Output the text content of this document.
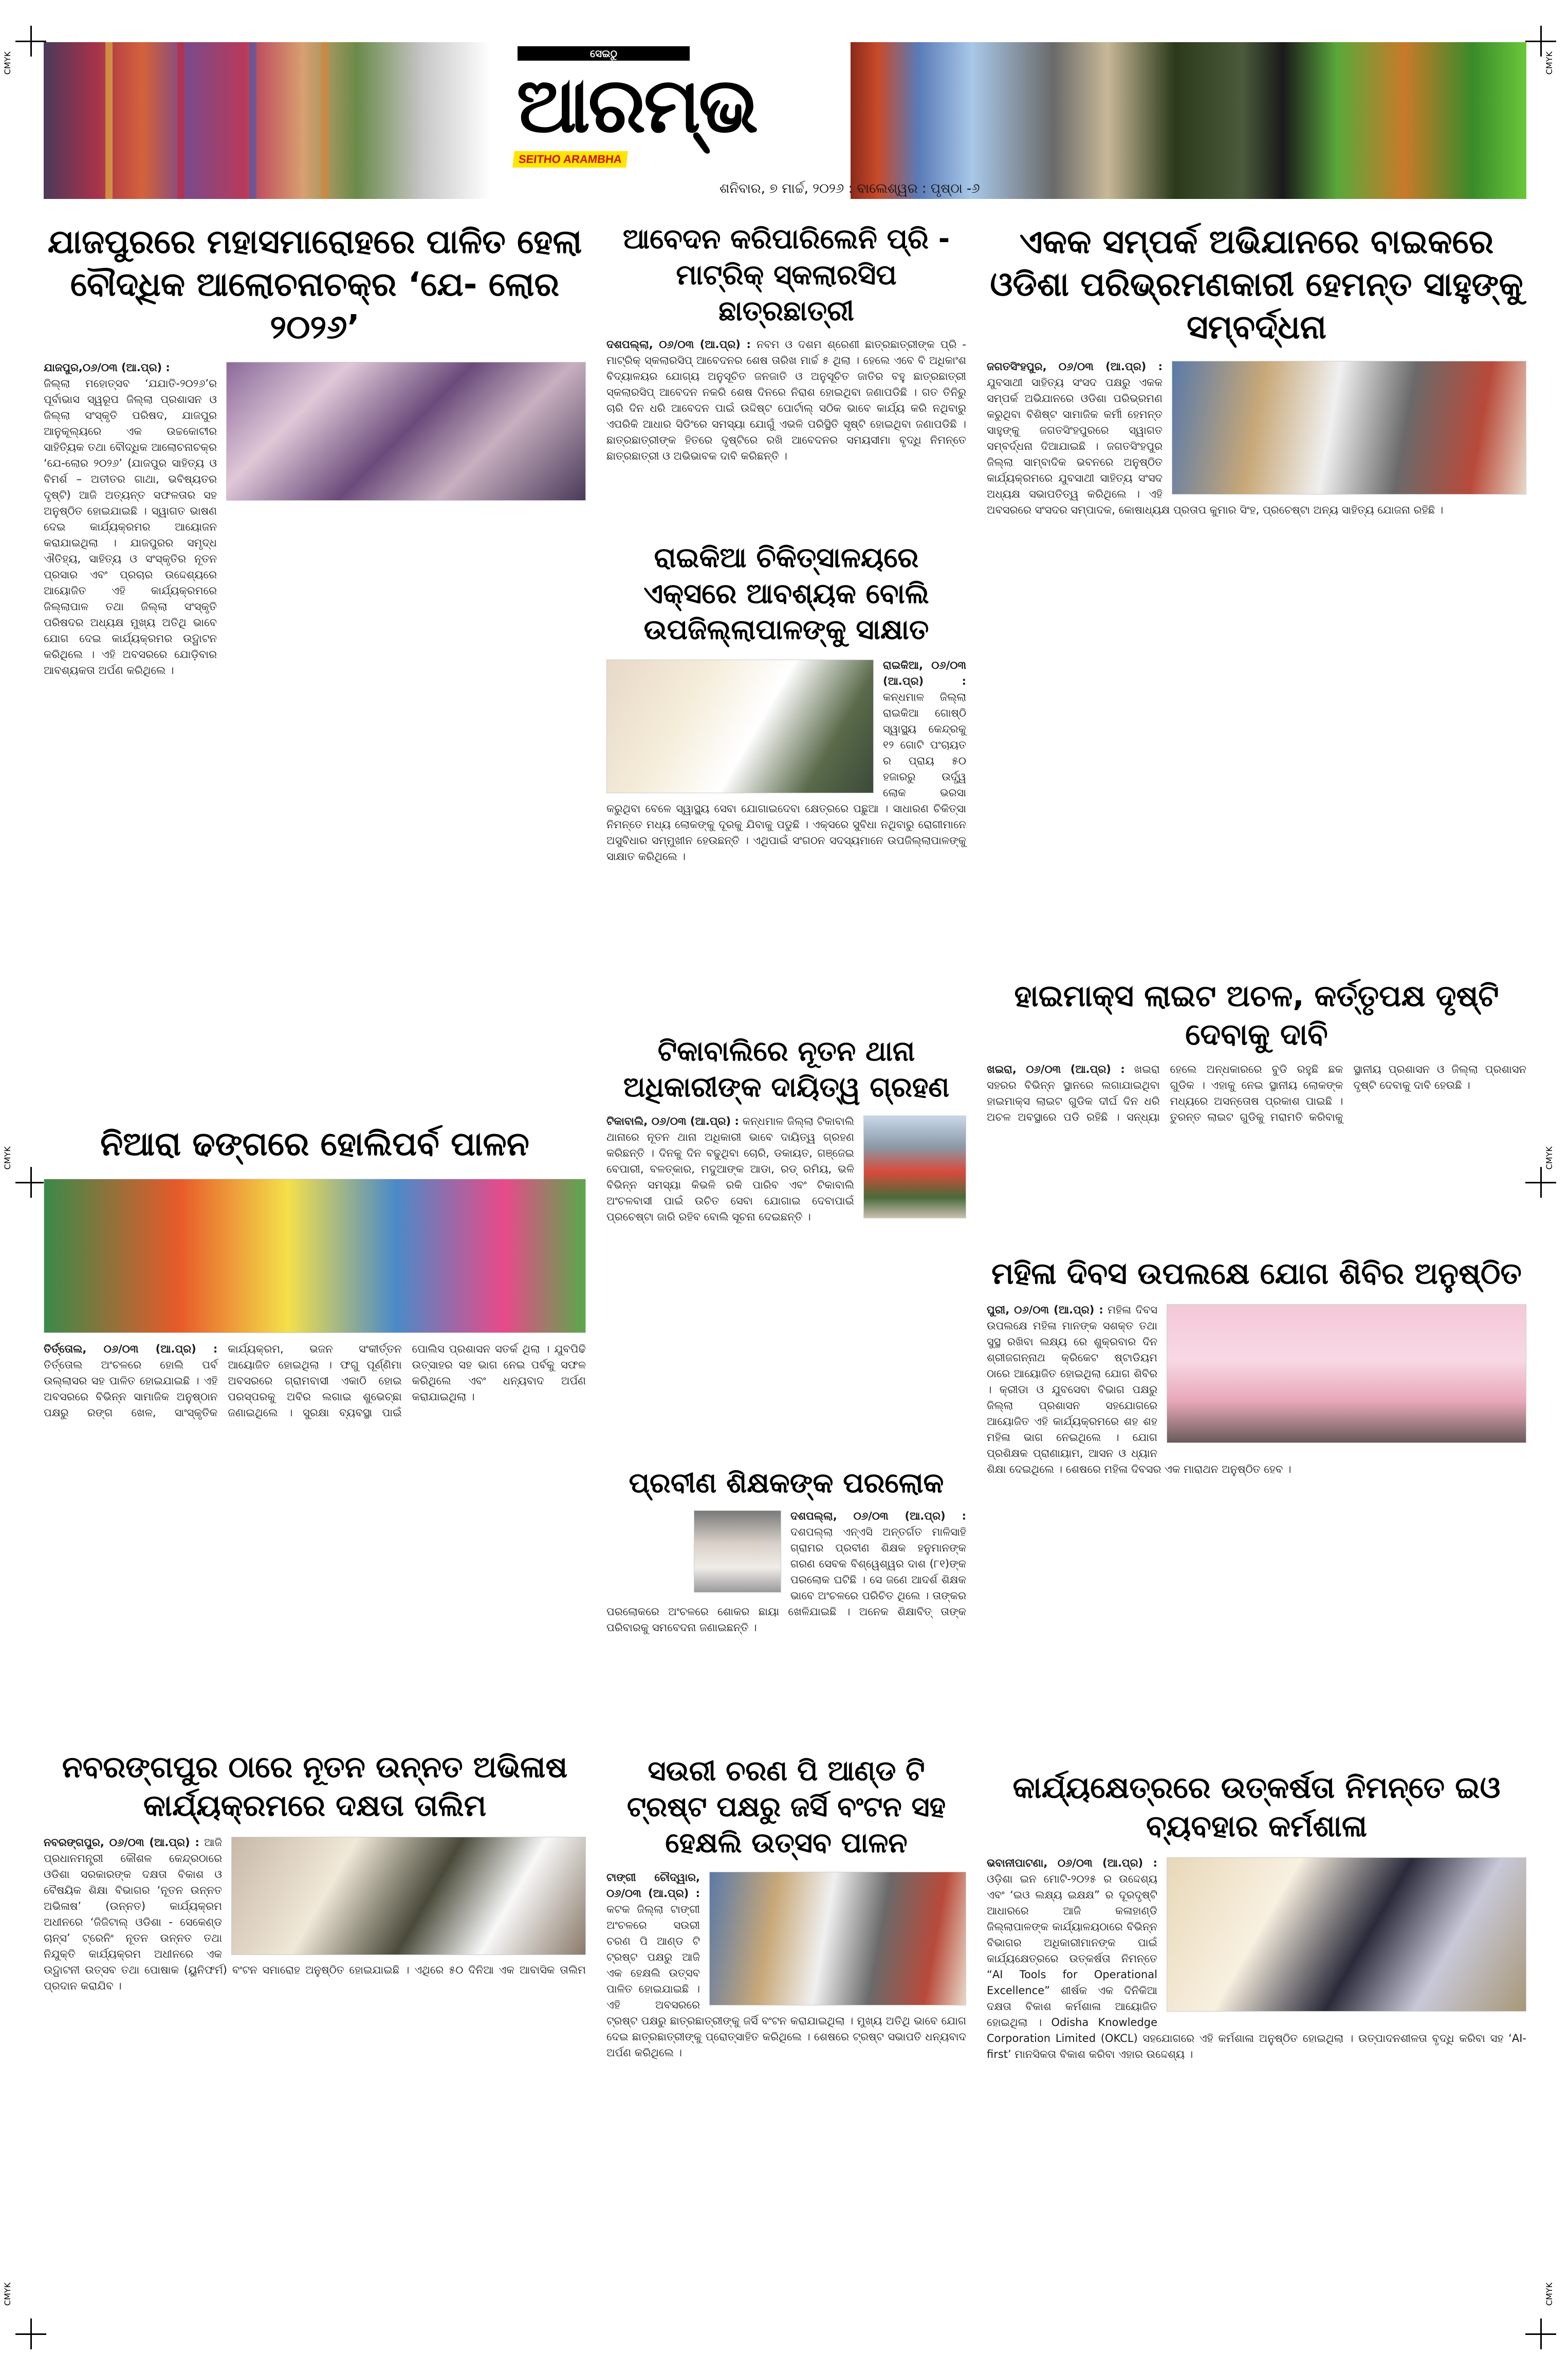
CMYK	CMYK
CMYK	CMYK
CMYK	CMYK
ସେଇଠୁ
ଆରମ୍ଭ
SEITHO ARAMBHA
ଶନିବାର, ୭ ମାର୍ଚ୍ଚ, ୨୦୨୬ : ବାଲେଶ୍ୱର : ପୃଷ୍ଠା -୬
ଯାଜପୁରରେ ମହାସମାରୋହରେ ପାଳିତ ହେଲା ବୌଦ୍ଧିକ ଆଲୋଚନାଚକ୍ର ‘ଯେ- ଲୋର ୨୦୨୬’

ଯାଜପୁର,୦୬/୦୩ (ଆ.ପ୍ର) :

ଜିଲ୍ଲା ମହୋତ୍ସବ ‘ଯଯାତି-୨୦୨୬’ର ପୂର୍ବାଭାସ ସ୍ୱରୂପ ଜିଲ୍ଲା ପ୍ରଶାସନ ଓ ଜିଲ୍ଲା ସଂସ୍କୃତି ପରିଷଦ, ଯାଜପୁର ଆନୁକୂଲ୍ୟରେ ଏକ ଉଚ୍ଚକୋଟୀର ସାହିତ୍ୟିକ ତଥା ବୌଦ୍ଧିକ ଆଲୋଚନାଚକ୍ର ‘ଯେ-ଲୋର ୨୦୨୬’ (ଯାଜପୁର ସାହିତ୍ୟ ଓ ବିମର୍ଶ – ଅତୀତର ଗାଥା, ଭବିଷ୍ୟତର ଦୃଷ୍ଟି) ଆଜି ଅତ୍ୟନ୍ତ ସଫଳତାର ସହ ଅନୁଷ୍ଠିତ ହୋଇଯାଇଛି । ସ୍ୱାଗତ ଭାଷଣ ଦେଇ କାର୍ଯ୍ୟକ୍ରମର ଆୟୋଜନ କରାଯାଇଥିଲା । ଯାଜପୁରର ସମୃଦ୍ଧ ଐତିହ୍ୟ, ସାହିତ୍ୟ ଓ ସଂସ୍କୃତିର ନୂତନ ପ୍ରସାର ଏବଂ ପ୍ରଚାର ଉଦ୍ଦେଶ୍ୟରେ ଆୟୋଜିତ ଏହି କାର୍ଯ୍ୟକ୍ରମରେ ଜିଲ୍ଲାପାଳ ତଥା ଜିଲ୍ଲା ସଂସ୍କୃତି ପରିଷଦର ଅଧ୍ୟକ୍ଷ ମୁଖ୍ୟ ଅତିଥି ଭାବେ ଯୋଗ ଦେଇ କାର୍ଯ୍ୟକ୍ରମର ଉଦ୍ଘାଟନ କରିଥିଲେ । ଏହି ଅବସରରେ ଯୋଡ଼ିବାର ଆବଶ୍ୟକତା ଅର୍ପଣ କରିଥିଲେ ।

ନିଆରା ଢଙ୍ଗରେ ହୋଲିପର୍ବ ପାଳନ

ତିର୍ତ୍ତୋଲ, ୦୬/୦୩ (ଆ.ପ୍ର) : ତିର୍ତ୍ତୋଲ ଅଂଚଳରେ ହୋଲି ପର୍ବ ଉଲ୍ଲାସର ସହ ପାଳିତ ହୋଇଯାଇଛି । ଏହି ଅବସରରେ ବିଭିନ୍ନ ସାମାଜିକ ଅନୁଷ୍ଠାନ ପକ୍ଷରୁ ରଙ୍ଗ ଖେଳ, ସାଂସ୍କୃତିକ କାର୍ଯ୍ୟକ୍ରମ, ଭଜନ ସଂକୀର୍ତ୍ତନ ଆୟୋଜିତ ହୋଇଥିଲା । ଫଗୁ ପୂର୍ଣ୍ଣିମା ଅବସରରେ ଗ୍ରାମବାସୀ ଏକାଠି ହୋଇ ପରସ୍ପରକୁ ଅବିର ଲଗାଇ ଶୁଭେଚ୍ଛା ଜଣାଇଥିଲେ । ସୁରକ୍ଷା ବ୍ୟବସ୍ଥା ପାଇଁ ପୋଲିସ ପ୍ରଶାସନ ସତର୍କ ଥିଲା । ଯୁବପିଢି ଉତ୍ସାହର ସହ ଭାଗ ନେଇ ପର୍ବକୁ ସଫଳ କରିଥିଲେ ଏବଂ ଧନ୍ୟବାଦ ଅର୍ପଣ କରାଯାଇଥିଲା ।

ନବରଙ୍ଗପୁର ଠାରେ ନୂତନ ଉନ୍ନତ ଅଭିଳାଷ କାର୍ଯ୍ୟକ୍ରମରେ ଦକ୍ଷତା ତାଲିମ

ନବରଙ୍ଗପୁର, ୦୬/୦୩ (ଆ.ପ୍ର) : ଆଜି ପ୍ରଧାନମନ୍ତ୍ରୀ କୌଶଳ କେନ୍ଦ୍ରଠାରେ ଓଡିଶା ସରକାରଙ୍କ ଦକ୍ଷତା ବିକାଶ ଓ ବୈଷୟିକ ଶିକ୍ଷା ବିଭାଗର ‘ନୂତନ ଉନ୍ନତ ଅଭିଳାଷ’ (ଉନ୍ନତ) କାର୍ଯ୍ୟକ୍ରମ ଅଧୀନରେ ‘ଜିଜିଟାଲ୍ ଓଡିଶା - ସେକେଣ୍ଡ ଚାନ୍ସ’ ଟ୍ରେନିଂ ନୂତନ ଉନ୍ନତ ତଥା ନିଯୁକ୍ତି କାର୍ଯ୍ୟକ୍ରମ ଅଧୀନରେ ଏକ ଉଦ୍ଘାଟନୀ ଉତ୍ସବ ତଥା ପୋଷାକ (ୟୁନିଫର୍ମ) ବଂଟନ ସମାରୋହ ଅନୁଷ୍ଠିତ ହୋଇଯାଇଛି । ଏଥିରେ ୫୦ ଦିନିଆ ଏକ ଆବାସିକ ତାଲିମ ପ୍ରଦାନ କରାଯିବ ।

ଆବେଦନ କରିପାରିଲେନି ପ୍ରି - ମାଟ୍ରିକ୍ ସ୍କଲାରସିପ ଛାତ୍ରଛାତ୍ରୀ

ଦଶପଲ୍ଲା, ୦୬/୦୩ (ଆ.ପ୍ର) : ନବମ ଓ ଦଶମ ଶ୍ରେଣୀ ଛାତ୍ରଛାତ୍ରୀଙ୍କ ପ୍ରି - ମାଟ୍ରିକ୍ ସ୍କଲାରସିପ୍ ଆବେଦନର ଶେଷ ତାରିଖ ମାର୍ଚ୍ଚ ୫ ଥିଲା । ହେଲେ ଏବେ ବି ଅଧିକାଂଶ ବିଦ୍ୟାଳୟର ଯୋଗ୍ୟ ଅନୁସୂଚିତ ଜନଜାତି ଓ ଅନୁସୂଚିତ ଜାତିର ବହୁ ଛାତ୍ରଛାତ୍ରୀ ସ୍କଲାରସିପ୍ ଆବେଦନ ନକରି ଶେଷ ଦିନରେ ନିରାଶ ହୋଇଥିବା ଜଣାପଡିଛି । ଗତ ତିନିରୁ ଚାରି ଦିନ ଧରି ଆବେଦନ ପାଇଁ ଉଦ୍ଦିଷ୍ଟ ପୋର୍ଟାଲ୍ ସଠିକ ଭାବେ କାର୍ଯ୍ୟ କରି ନଥିବାରୁ ଏପରିକି ଆଧାର ସିଡିଂରେ ସମସ୍ୟା ଯୋଗୁଁ ଏଭଳି ପରିସ୍ଥିତି ସୃଷ୍ଟି ହୋଇଥିବା ଜଣାପଡିଛି । ଛାତ୍ରଛାତ୍ରୀଙ୍କ ହିତରେ ଦୃଷ୍ଟିରେ ରଖି ଆବେଦନର ସମୟସୀମା ବୃଦ୍ଧି ନିମନ୍ତେ ଛାତ୍ରଛାତ୍ରୀ ଓ ଅଭିଭାବକ ଦାବି କରିଛନ୍ତି ।

ରାଇକିଆ ଚିକିତ୍ସାଳୟରେ ଏକ୍ସରେ ଆବଶ୍ୟକ ବୋଲି ଉପଜିଲ୍ଲାପାଳଙ୍କୁ ସାକ୍ଷାତ

ରାଇକିଆ, ୦୬/୦୩ (ଆ.ପ୍ର) : କନ୍ଧମାଳ ଜିଲ୍ଲା ରାଇକିଆ ଗୋଷ୍ଠି ସ୍ୱାସ୍ଥ୍ୟ କେନ୍ଦ୍ରକୁ ୧୨ ଗୋଟି ପଂଚାୟତ ର ପ୍ରାୟ ୫୦ ହଜାରରୁ ଉର୍ଦ୍ଧ୍ୱ ଲୋକ ଭରସା କରୁଥିବା ବେଳେ ସ୍ୱାସ୍ଥ୍ୟ ସେବା ଯୋଗାଇଦେବା କ୍ଷେତ୍ରରେ ପଛୁଆ । ସାଧାରଣ ଚିକିତ୍ସା ନିମନ୍ତେ ମଧ୍ୟ ଲୋକଙ୍କୁ ଦୂରକୁ ଯିବାକୁ ପଡୁଛି । ଏକ୍ସରେ ସୁବିଧା ନଥିବାରୁ ରୋଗୀମାନେ ଅସୁବିଧାର ସମ୍ମୁଖୀନ ହେଉଛନ୍ତି । ଏଥିପାଇଁ ସଂଗଠନ ସଦସ୍ୟମାନେ ଉପଜିଲ୍ଲାପାଳଙ୍କୁ ସାକ୍ଷାତ କରିଥିଲେ ।

ଟିକାବାଲିରେ ନୂତନ ଥାନା ଅଧିକାରୀଙ୍କ ଦାୟିତ୍ୱ ଗ୍ରହଣ

ଟିକାବାଲି, ୦୬/୦୩ (ଆ.ପ୍ର) : କନ୍ଧମାଳ ଜିଲ୍ଲା ଟିକାବାଲି ଥାନାରେ ନୂତନ ଥାନା ଅଧିକାରୀ ଭାବେ ଦାୟିତ୍ୱ ଗ୍ରହଣ କରିଛନ୍ତି । ଦିନକୁ ଦିନ ବଢୁଥିବା ଚୋରି, ଡକାୟତ, ଗଞ୍ଜେଇ ବେପାରୀ, ବଳତ୍କାର, ମଦୁଆଙ୍କ ଆଡା, ରଡ୍ ରମିୟ, ଭଳି ବିଭିନ୍ନ ସମସ୍ୟା କିଭଳି ରକି ପାରିବ ଏବଂ ଟିକାବାଲି ଅଂଚଳବାସୀ ପାଇଁ ଉଚିତ ସେବା ଯୋଗାଇ ଦେବାପାଇଁ ପ୍ରଚେଷ୍ଟା ଜାରି ରହିବ ବୋଲି ସୂଚନା ଦେଇଛନ୍ତି ।

ପ୍ରବୀଣ ଶିକ୍ଷକଙ୍କ ପରଲୋକ

ଦଶପଲ୍ଲା, ୦୬/୦୩ (ଆ.ପ୍ର) : ଦଶପଲ୍ଲା ଏନ୍ଏସି ଅନ୍ତର୍ଗତ ମାଳିସାହି ଗ୍ରାମର ପ୍ରବୀଣ ଶିକ୍ଷକ ହନୁମାନଙ୍କ ଗରଣ ସେବକ ବିଶ୍ୱେଶ୍ୱର ଦାଶ (୮୧)ଙ୍କ ପରଲୋକ ଘଟିଛି । ସେ ଜଣେ ଆଦର୍ଶ ଶିକ୍ଷକ ଭାବେ ଅଂଚଳରେ ପରିଚିତ ଥିଲେ । ତାଙ୍କର ପରଲୋକରେ ଅଂଚଳରେ ଶୋକର ଛାୟା ଖେଳିଯାଇଛି । ଅନେକ ଶିକ୍ଷାବିତ୍ ତାଙ୍କ ପରିବାରକୁ ସମବେଦନା ଜଣାଇଛନ୍ତି ।

ସଉରୀ ଚରଣ ପି ଆଣ୍ଡ ଟି ଟ୍ରଷ୍ଟ ପକ୍ଷରୁ ଜର୍ସି ବଂଟନ ସହ ହେକ୍ଷଲି ଉତ୍ସବ ପାଳନ

ଟାଙ୍ଗୀ ଚୌଦ୍ୱାର, ୦୬/୦୩ (ଆ.ପ୍ର) : କଟକ ଜିଲ୍ଲା ଟାଙ୍ଗୀ ଅଂଚଳରେ ସଉରୀ ଚରଣ ପି ଆଣ୍ଡ ଟି ଟ୍ରଷ୍ଟ ପକ୍ଷରୁ ଆଜି ଏକ ହେକ୍ଷଲି ଉତ୍ସବ ପାଳିତ ହୋଇଯାଇଛି । ଏହି ଅବସରରେ ଟ୍ରଷ୍ଟ ପକ୍ଷରୁ ଛାତ୍ରଛାତ୍ରୀଙ୍କୁ ଜର୍ସି ବଂଟନ କରାଯାଇଥିଲା । ମୁଖ୍ୟ ଅତିଥି ଭାବେ ଯୋଗ ଦେଇ ଛାତ୍ରଛାତ୍ରୀଙ୍କୁ ପ୍ରୋତ୍ସାହିତ କରିଥିଲେ । ଶେଷରେ ଟ୍ରଷ୍ଟ ସଭାପତି ଧନ୍ୟବାଦ ଅର୍ପଣ କରିଥିଲେ ।

ଏକକ ସମ୍ପର୍କ ଅଭିଯାନରେ ବାଇକରେ ଓଡିଶା ପରିଭ୍ରମଣକାରୀ ହେମନ୍ତ ସାହୁଙ୍କୁ ସମ୍ବର୍ଦ୍ଧନା

ଜଗତସିଂହପୁର, ୦୬/୦୩ (ଆ.ପ୍ର) : ଯୁବସାଥୀ ସାହିତ୍ୟ ସଂସଦ ପକ୍ଷରୁ ଏକକ ସମ୍ପର୍କ ଅଭିଯାନରେ ଓଡିଶା ପରିଭ୍ରମଣ କରୁଥିବା ବିଶିଷ୍ଟ ସାମାଜିକ କର୍ମୀ ହେମନ୍ତ ସାହୁଙ୍କୁ ଜଗତସିଂହପୁରରେ ସ୍ୱାଗତ ସମ୍ବର୍ଦ୍ଧନା ଦିଆଯାଇଛି । ଜଗତସିଂହପୁର ଜିଲ୍ଲା ସାମ୍ବାଦିକ ଭବନରେ ଅନୁଷ୍ଠିତ କାର୍ଯ୍ୟକ୍ରମରେ ଯୁବସାଥୀ ସାହିତ୍ୟ ସଂସଦ ଅଧ୍ୟକ୍ଷ ସଭାପତିତ୍ୱ କରିଥିଲେ । ଏହି ଅବସରରେ ସଂସଦର ସମ୍ପାଦକ, କୋଷାଧ୍ୟକ୍ଷ ପ୍ରତାପ କୁମାର ସିଂହ, ପ୍ରଚେଷ୍ଟା ଅନ୍ୟ ସାହିତ୍ୟ ଯୋଜନା ରହିଛି ।

ହାଇମାକ୍ସ ଲାଇଟ ଅଚଳ, କର୍ତ୍ତୃପକ୍ଷ ଦୃଷ୍ଟି ଦେବାକୁ ଦାବି

ଖଇରା, ୦୬/୦୩ (ଆ.ପ୍ର) : ଖଇରା ସହରର ବିଭିନ୍ନ ସ୍ଥାନରେ ଲଗାଯାଇଥିବା ହାଇମାକ୍ସ ଲାଇଟ ଗୁଡିକ ଦୀର୍ଘ ଦିନ ଧରି ଅଚଳ ଅବସ୍ଥାରେ ପଡି ରହିଛି । ସନ୍ଧ୍ୟା ହେଲେ ଅନ୍ଧକାରରେ ବୁଡି ରହୁଛି ଛକ ଗୁଡିକ । ଏହାକୁ ନେଇ ସ୍ଥାନୀୟ ଲୋକଙ୍କ ମଧ୍ୟରେ ଅସନ୍ତୋଷ ପ୍ରକାଶ ପାଇଛି । ତୁରନ୍ତ ଲାଇଟ ଗୁଡିକୁ ମରାମତି କରିବାକୁ ସ୍ଥାନୀୟ ପ୍ରଶାସନ ଓ ଜିଲ୍ଲା ପ୍ରଶାସନ ଦୃଷ୍ଟି ଦେବାକୁ ଦାବି ହେଉଛି ।

ମହିଳା ଦିବସ ଉପଲକ୍ଷେ ଯୋଗ ଶିବିର ଅନୁଷ୍ଠିତ

ପୁରୀ, ୦୬/୦୩ (ଆ.ପ୍ର) : ମହିଳା ଦିବସ ଉପଲକ୍ଷେ ମହିଳା ମାନଙ୍କ ସଶକ୍ତ ତଥା ସୁସ୍ଥ ରଖିବା ଲକ୍ଷ୍ୟ ରେ ଶୁକ୍ରବାର ଦିନ ଶ୍ରୀଜଗନ୍ନାଥ କ୍ରିକେଟ ଷ୍ଟାଡିୟମ ଠାରେ ଆୟୋଜିତ ହୋଇଥିଲା ଯୋଗ ଶିବିର । କ୍ରୀଡା ଓ ଯୁବସେବା ବିଭାଗ ପକ୍ଷରୁ ଜିଲ୍ଲା ପ୍ରଶାସନ ସହଯୋଗରେ ଆୟୋଜିତ ଏହି କାର୍ଯ୍ୟକ୍ରମରେ ଶହ ଶହ ମହିଳା ଭାଗ ନେଇଥିଲେ । ଯୋଗ ପ୍ରଶିକ୍ଷକ ପ୍ରାଣାୟାମ, ଆସନ ଓ ଧ୍ୟାନ ଶିକ୍ଷା ଦେଇଥିଲେ । ଶେଷରେ ମହିଳା ଦିବସର ଏକ ମାରାଥନ ଅନୁଷ୍ଠିତ ହେବ ।

କାର୍ଯ୍ୟକ୍ଷେତ୍ରରେ ଉତ୍କର୍ଷତା ନିମନ୍ତେ ଇଓ ବ୍ୟବହାର କର୍ମଶାଳା

ଭବାନୀପାଟଣା, ୦୬/୦୩ (ଆ.ପ୍ର) : ଓଡ଼ିଶା ଇନ ମୋଟି-୨୦୨୫ ର ଉଦ୍ଦେଶ୍ୟ ଏବଂ ‘ଇଓ ଲକ୍ଷ୍ୟ ଇକ୍ଷକ୍ଷ” ର ଦୂରଦୃଷ୍ଟି ଆଧାରରେ ଆଜି କଳାହାଣ୍ଡି ଜିଲ୍ଲାପାଳଙ୍କ କାର୍ଯ୍ୟାଳୟଠାରେ ବିଭିନ୍ନ ବିଭାଗର ଅଧିକାରୀମାନଙ୍କ ପାଇଁ କାର୍ଯ୍ୟକ୍ଷେତ୍ରରେ ଉତ୍କର୍ଷତା ନିମନ୍ତେ “AI Tools for Operational Excellence” ଶୀର୍ଷକ ଏକ ଦିନିକିଆ ଦକ୍ଷତା ବିକାଶ କର୍ମଶାଳା ଆୟୋଜିତ ହୋଇଥିଲା । Odisha Knowledge Corporation Limited (OKCL) ସହଯୋଗରେ ଏହି କର୍ମଶାଳା ଅନୁଷ୍ଠିତ ହୋଇଥିଲା । ଉତ୍ପାଦନଶୀଳତା ବୃଦ୍ଧି କରିବା ସହ ‘AI-first’ ମାନସିକତା ବିକାଶ କରିବା ଏହାର ଉଦ୍ଦେଶ୍ୟ ।
